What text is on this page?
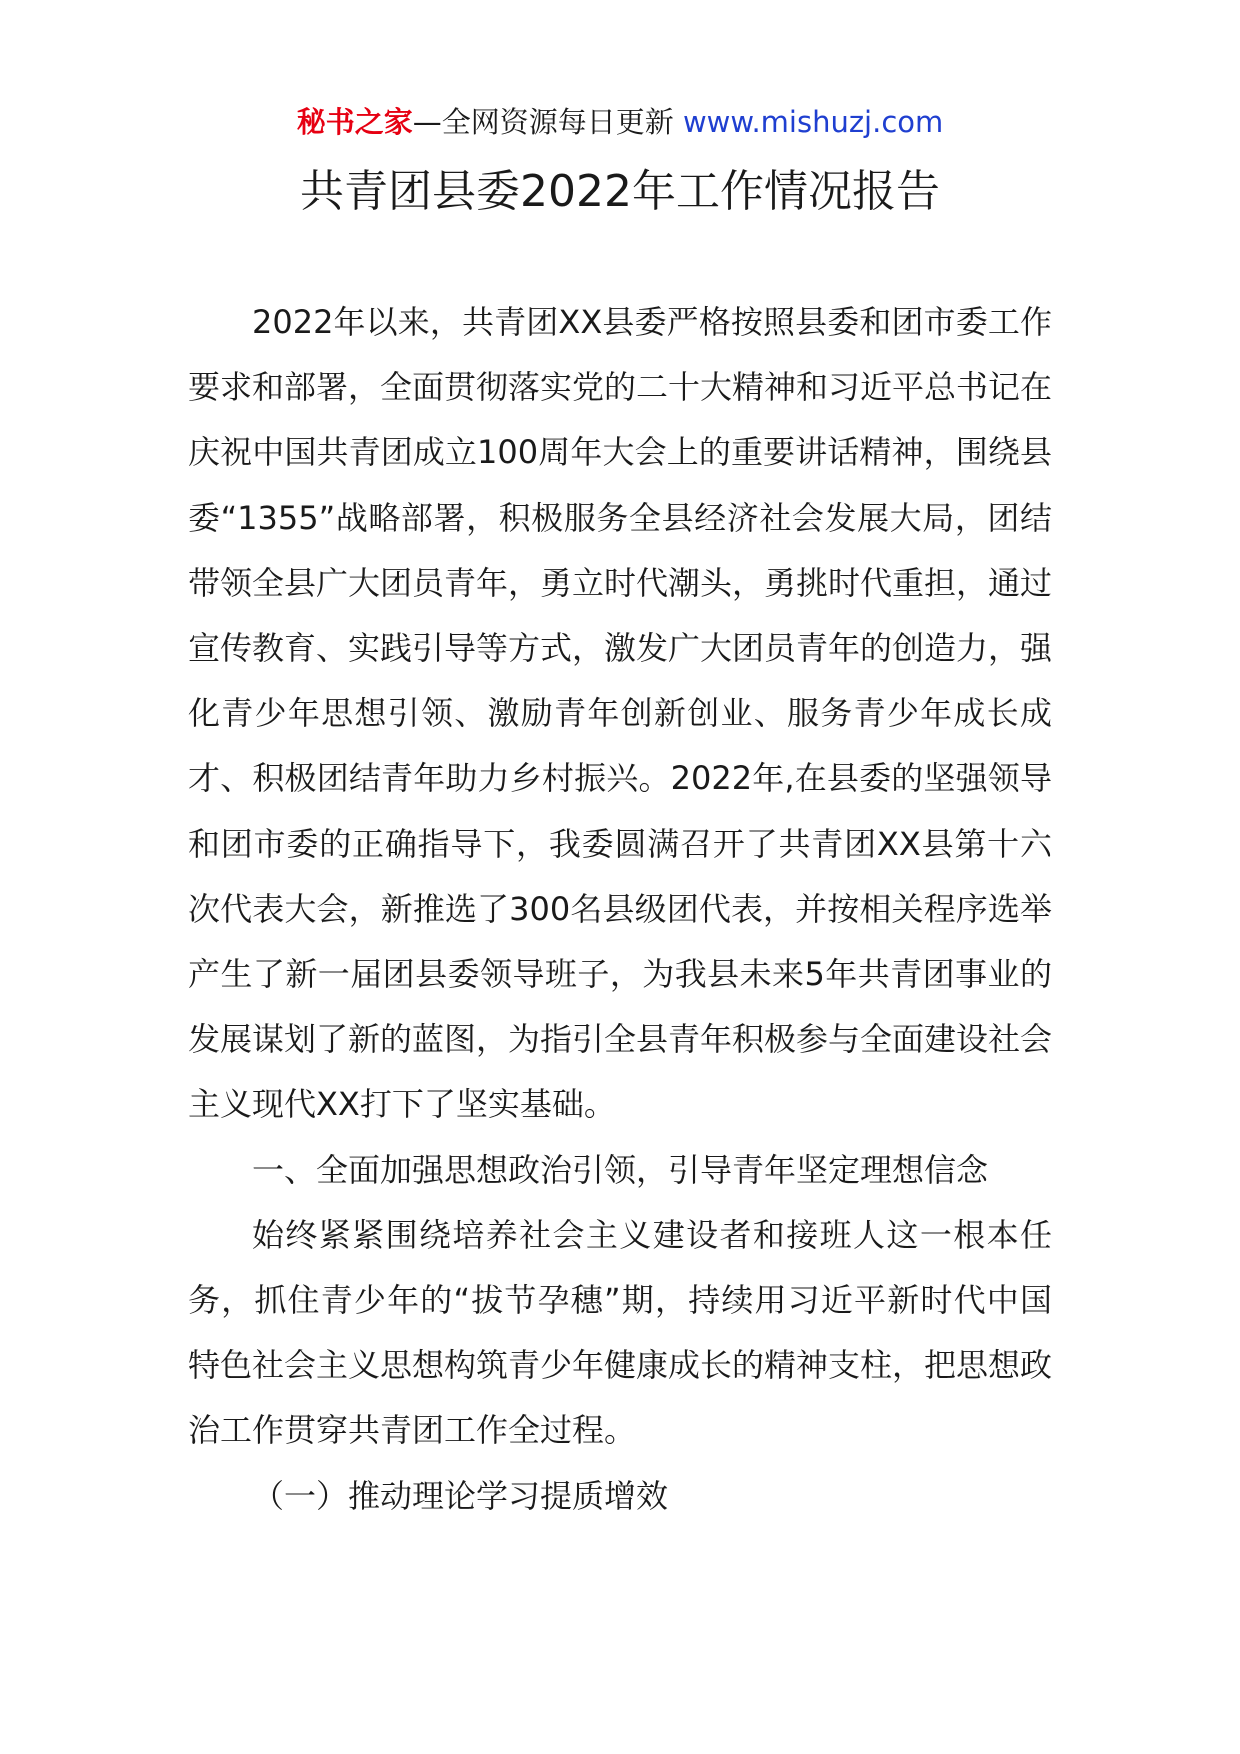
秘书之家—全网资源每日更新 www.mishuzj.com
共青团县委2022年工作情况报告

2022年以来，共青团XX县委严格按照县委和团市委工作要求和部署，全面贯彻落实党的二十大精神和习近平总书记在庆祝中国共青团成立100周年大会上的重要讲话精神，围绕县委“1355”战略部署，积极服务全县经济社会发展大局，团结带领全县广大团员青年，勇立时代潮头，勇挑时代重担，通过宣传教育、实践引导等方式，激发广大团员青年的创造力，强化青少年思想引领、激励青年创新创业、服务青少年成长成才、积极团结青年助力乡村振兴。2022年,在县委的坚强领导和团市委的正确指导下，我委圆满召开了共青团XX县第十六次代表大会，新推选了300名县级团代表，并按相关程序选举产生了新一届团县委领导班子，为我县未来5年共青团事业的发展谋划了新的蓝图，为指引全县青年积极参与全面建设社会主义现代XX打下了坚实基础。

一、全面加强思想政治引领，引导青年坚定理想信念

始终紧紧围绕培养社会主义建设者和接班人这一根本任务，抓住青少年的“拔节孕穗”期，持续用习近平新时代中国特色社会主义思想构筑青少年健康成长的精神支柱，把思想政治工作贯穿共青团工作全过程。

（一）推动理论学习提质增效
